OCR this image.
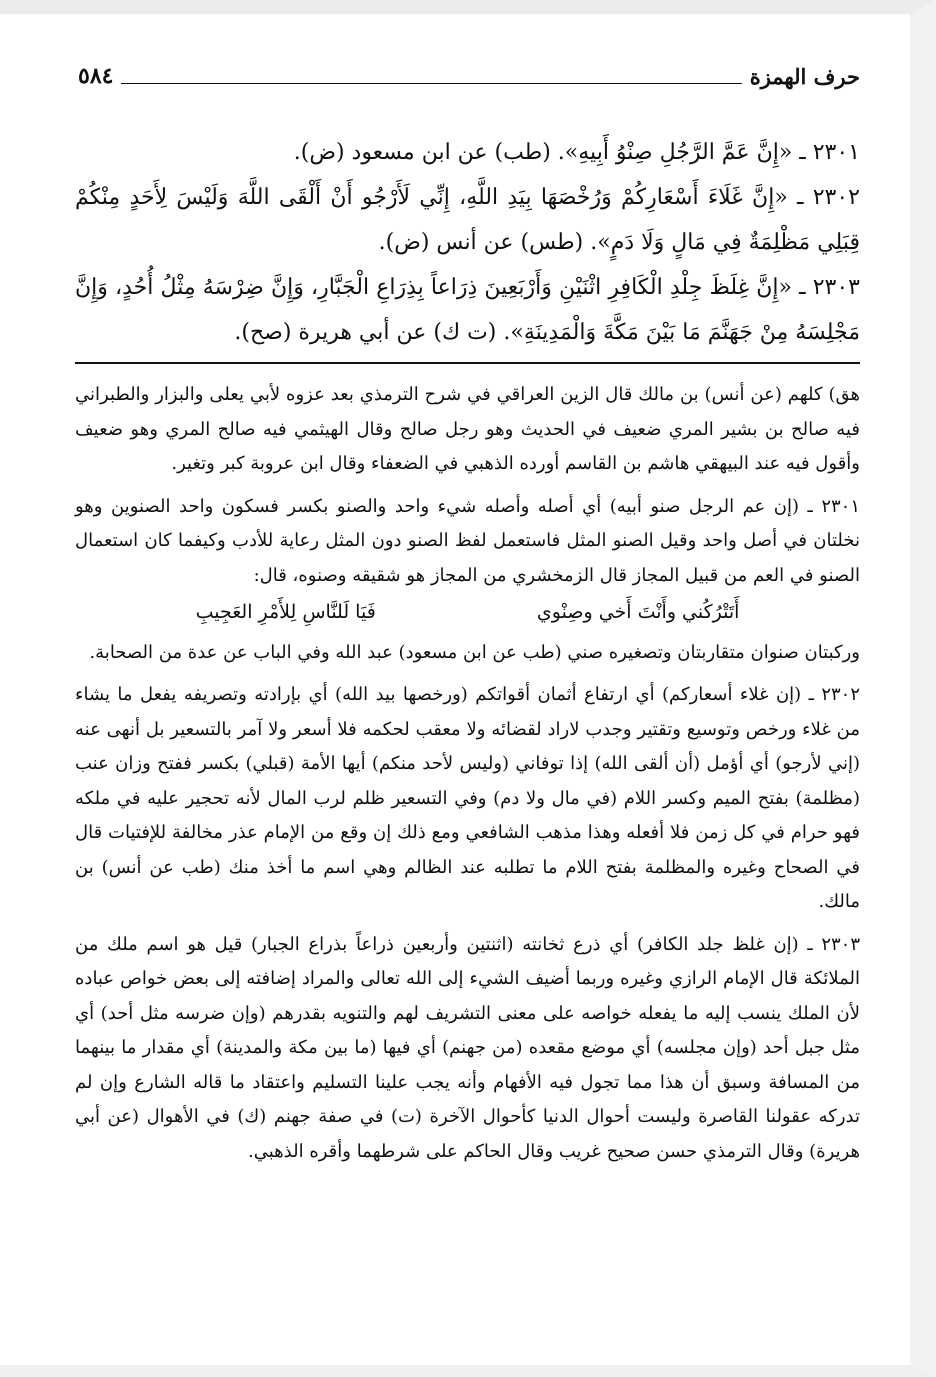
حرف الهمزة
٥٨٤

٢٣٠١ ـ «إِنَّ عَمَّ الرَّجُلِ صِنْوُ أَبِيهِ». (طب) عن ابن مسعود (ض).

٢٣٠٢ ـ «إِنَّ غَلَاءَ أَسْعَارِكُمْ وَرُخْصَهَا بِيَدِ اللَّهِ، إِنِّي لَأَرْجُو أَنْ أَلْقَى اللَّهَ وَلَيْسَ لِأَحَدٍ مِنْكُمْ قِبَلِي مَظْلِمَةٌ فِي مَالٍ وَلَا دَمٍ». (طس) عن أنس (ض).

٢٣٠٣ ـ «إِنَّ غِلَظَ جِلْدِ الْكَافِرِ اثْنَيْنِ وَأَرْبَعِينَ ذِرَاعاً بِذِرَاعِ الْجَبَّارِ، وَإِنَّ ضِرْسَهُ مِثْلُ أُحُدٍ، وَإِنَّ مَجْلِسَهُ مِنْ جَهَنَّمَ مَا بَيْنَ مَكَّةَ وَالْمَدِينَةِ». (ت ك) عن أبي هريرة (صح).

هق) كلهم (عن أنس) بن مالك قال الزين العراقي في شرح الترمذي بعد عزوه لأبي يعلى والبزار والطبراني فيه صالح بن بشير المري ضعيف في الحديث وهو رجل صالح وقال الهيثمي فيه صالح المري وهو ضعيف وأقول فيه عند البيهقي هاشم بن القاسم أورده الذهبي في الضعفاء وقال ابن عروبة كبر وتغير.

٢٣٠١ ـ (إن عم الرجل صنو أبيه) أي أصله وأصله شيء واحد والصنو بكسر فسكون واحد الصنوين وهو نخلتان في أصل واحد وقيل الصنو المثل فاستعمل لفظ الصنو دون المثل رعاية للأدب وكيفما كان استعمال الصنو في العم من قبيل المجاز قال الزمخشري من المجاز هو شقيقه وصنوه، قال:

أَتَتْرُكُني وأَنْتَ أَخي وصِنْوي
فَيَا لَلنَّاسِ لِلأَمْرِ العَجِيبِ

وركبتان صنوان متقاربتان وتصغيره صني (طب عن ابن مسعود) عبد الله وفي الباب عن عدة من الصحابة.

٢٣٠٢ ـ (إن غلاء أسعاركم) أي ارتفاع أثمان أقواتكم (ورخصها بيد الله) أي بإرادته وتصريفه يفعل ما يشاء من غلاء ورخص وتوسيع وتقتير وجدب لاراد لقضائه ولا معقب لحكمه فلا أسعر ولا آمر بالتسعير بل أنهى عنه (إني لأرجو) أي أؤمل (أن ألقى الله) إذا توفاني (وليس لأحد منكم) أيها الأمة (قبلي) بكسر ففتح وزان عنب (مظلمة) بفتح الميم وكسر اللام (في مال ولا دم) وفي التسعير ظلم لرب المال لأنه تحجير عليه في ملكه فهو حرام في كل زمن فلا أفعله وهذا مذهب الشافعي ومع ذلك إن وقع من الإمام عذر مخالفة للإفتيات قال في الصحاح وغيره والمظلمة بفتح اللام ما تطلبه عند الظالم وهي اسم ما أخذ منك (طب عن أنس) بن مالك.

٢٣٠٣ ـ (إن غلظ جلد الكافر) أي ذرع ثخانته (اثنتين وأربعين ذراعاً بذراع الجبار) قيل هو اسم ملك من الملائكة قال الإمام الرازي وغيره وربما أضيف الشيء إلى الله تعالى والمراد إضافته إلى بعض خواص عباده لأن الملك ينسب إليه ما يفعله خواصه على معنى التشريف لهم والتنويه بقدرهم (وإن ضرسه مثل أحد) أي مثل جبل أحد (وإن مجلسه) أي موضع مقعده (من جهنم) أي فيها (ما بين مكة والمدينة) أي مقدار ما بينهما من المسافة وسبق أن هذا مما تجول فيه الأفهام وأنه يجب علينا التسليم واعتقاد ما قاله الشارع وإن لم تدركه عقولنا القاصرة وليست أحوال الدنيا كأحوال الآخرة (ت) في صفة جهنم (ك) في الأهوال (عن أبي هريرة) وقال الترمذي حسن صحيح غريب وقال الحاكم على شرطهما وأقره الذهبي.
